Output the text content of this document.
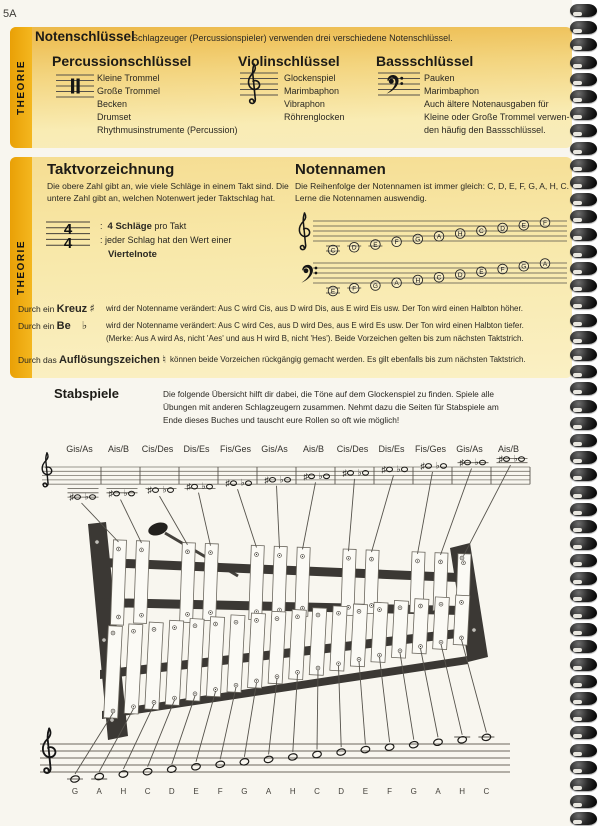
5A
THEORIE
Notenschlüssel
Schlagzeuger (Percussionspieler) verwenden drei verschiedene Notenschlüssel.
Percussionschlüssel	Violinschlüssel	Bassschlüssel
Kleine Trommel
Große Trommel
Becken
Drumset
Rhythmusinstrumente (Percussion)
Glockenspiel
Marimbaphon
Vibraphon
Röhrenglocken
Pauken
Marimbaphon
Auch ältere Notenausgaben für
Kleine oder Große Trommel verwen-
den häufig den Bassschlüssel.
THEORIE
Taktvorzeichnung
Die obere Zahl gibt an, wie viele Schläge in einem Takt sind. Die untere Zahl gibt an, welchen Notenwert jeder Taktschlag hat.
4
4
:  4 Schläge pro Takt
: jeder Schlag hat den Wert einer
Viertelnote
Notennamen
Die Reihenfolge der Notennamen ist immer gleich: C, D, E, F, G, A, H, C. Lerne die Notennamen auswendig.
C	D	E	F	G	A	H	C	D	E	F
E	F	G	A	H	C	D	E	F	G	A
Durch ein Kreuz ♯ wird der Notenname verändert: Aus C wird Cis, aus D wird Dis, aus E wird Eis usw. Der Ton wird einen Halbton höher.
Durch ein Be ♭ wird der Notenname verändert: Aus C wird Ces, aus D wird Des, aus E wird Es usw. Der Ton wird einen Halbton tiefer.
(Merke: Aus A wird As, nicht 'Aes' und aus H wird B, nicht 'Hes'). Beide Vorzeichen gelten bis zum nächsten Taktstrich.
Durch das Auflösungszeichen ♮ können beide Vorzeichen rückgängig gemacht werden. Es gilt ebenfalls bis zum nächsten Taktstrich.
Stabspiele	Die folgende Übersicht hilft dir dabei, die Töne auf dem Glockenspiel zu finden. Spiele alle Übungen mit anderen Schlagzeugern zusammen. Nehmt dazu die Seiten für Stabspiele am Ende dieses Buches und tauscht eure Rollen so oft wie möglich!
Gis/As Ais/B Cis/Des Dis/Es Fis/Ges Gis/As Ais/B Cis/Des Dis/Es Fis/Ges Gis/As Ais/B
♯ ♭ ♯ ♭ ♯ ♭ ♯ ♭ ♯ ♭ ♯ ♭ ♯ ♭ ♯ ♭ ♯ ♭ ♯ ♭ ♯ ♭ ♯ ♭
G A H C D E F G A H C D E F G A H C
